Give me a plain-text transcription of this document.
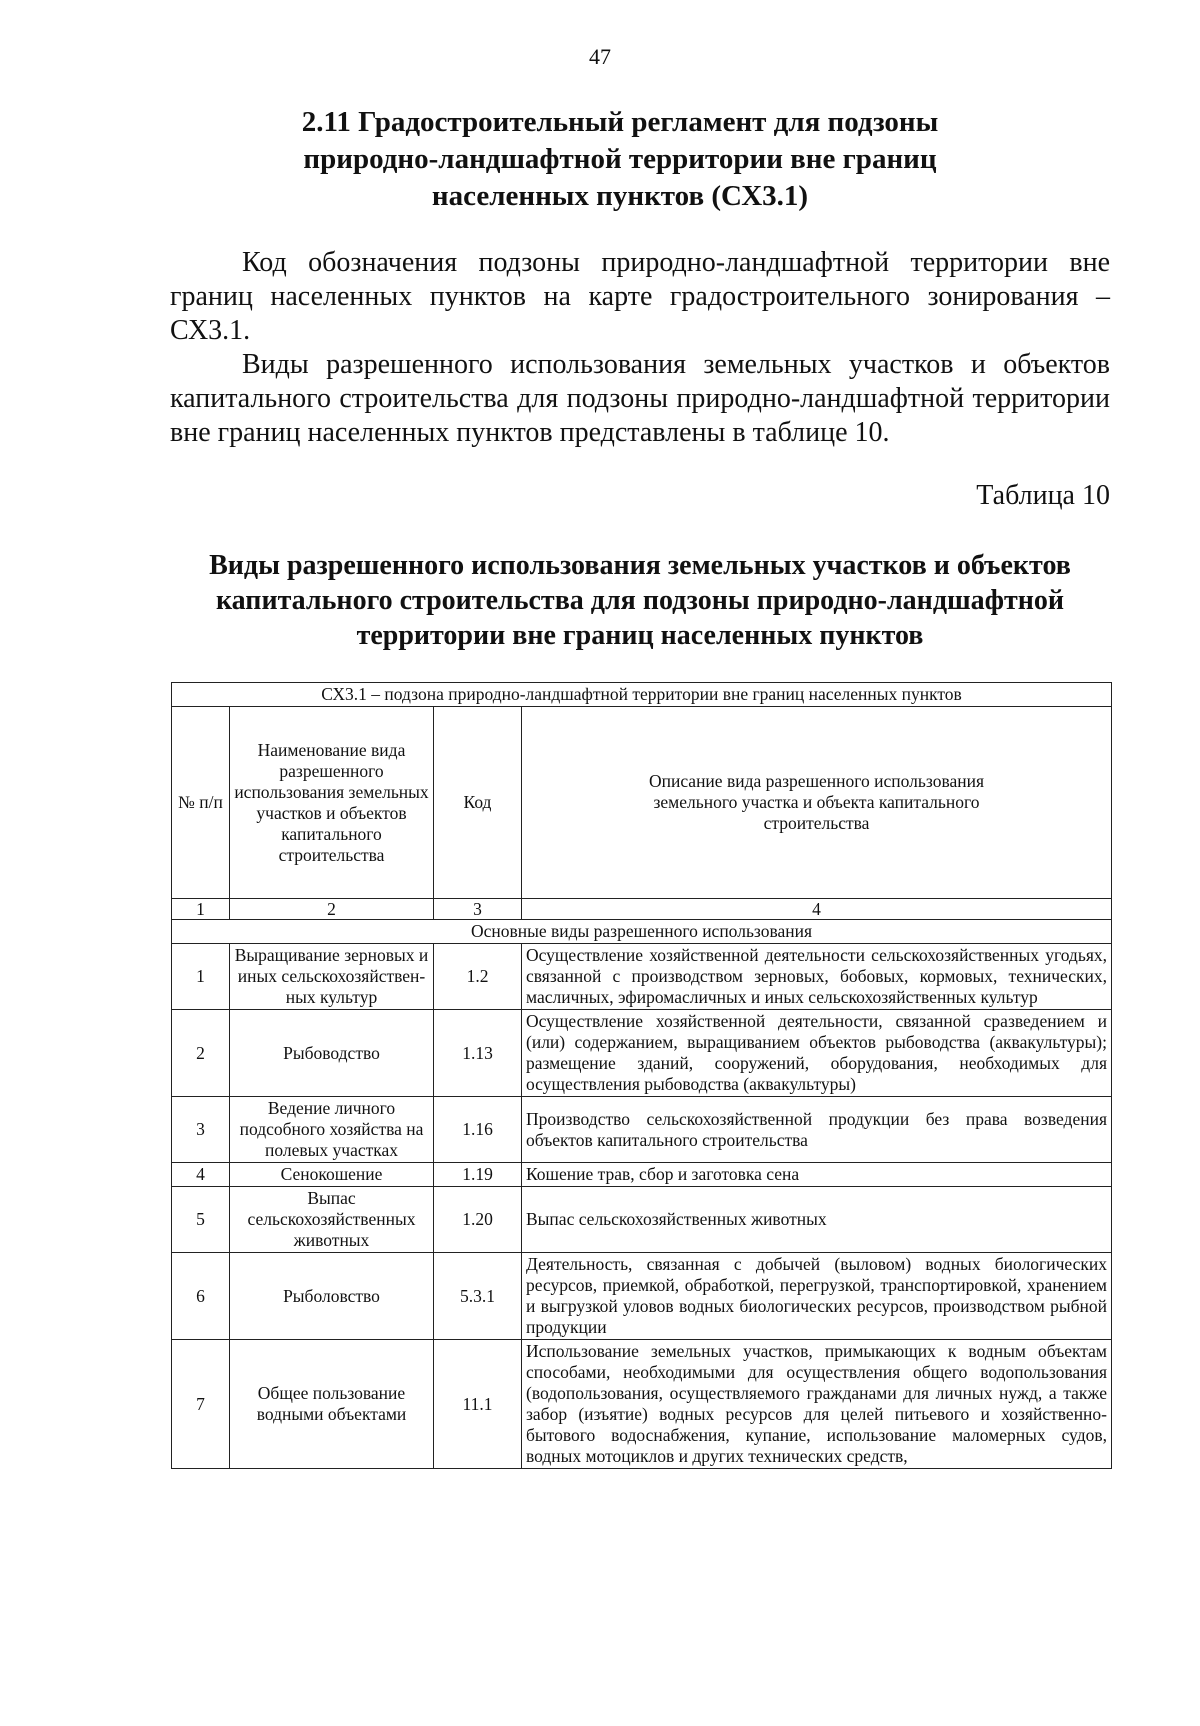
47
2.11 Градостроительный регламент для подзоны
природно-ландшафтной территории вне границ
населенных пунктов (СХ3.1)
Код обозначения подзоны природно-ландшафтной территории вне границ населенных пунктов на карте градостроительного зонирования – СХ3.1.
Виды разрешенного использования земельных участков и объектов капитального строительства для подзоны природно-ландшафтной территории вне границ населенных пунктов представлены в таблице 10.
Таблица 10
Виды разрешенного использования земельных участков и объектов
капитального строительства для подзоны природно-ландшафтной
территории вне границ населенных пунктов
СХ3.1 – подзона природно-ландшафтной территории вне границ населенных пунктов			
№ п/п	Наименование вида разрешенного использования земельных участков и объектов капитального строительства	Код	Описание вида разрешенного использования земельного участка и объекта капитального строительства
1	2	3	4
Основные виды разрешенного использования			
1	Выращивание зерновых и иных сельскохозяйствен-ных культур	1.2	Осуществление хозяйственной деятельности сельскохозяйственных угодьях, связанной с производством зерновых, бобовых, кормовых, технических, масличных, эфиромасличных и иных сельскохозяйственных культур
2	Рыбоводство	1.13	Осуществление хозяйственной деятельности, связанной сразведением и (или) содержанием, выращиванием объектов рыбоводства (аквакультуры); размещение зданий, сооружений, оборудования, необходимых для осуществления рыбоводства (аквакультуры)
3	Ведение личного подсобного хозяйства на полевых участках	1.16	Производство сельскохозяйственной продукции без права возведения объектов капитального строительства
4	Сенокошение	1.19	Кошение трав, сбор и заготовка сена
5	Выпас сельскохозяйственных животных	1.20	Выпас сельскохозяйственных животных
6	Рыболовство	5.3.1	Деятельность, связанная с добычей (выловом) водных биологических ресурсов, приемкой, обработкой, перегрузкой, транспортировкой, хранением и выгрузкой уловов водных биологических ресурсов, производством рыбной продукции
7	Общее пользование водными объектами	11.1	Использование земельных участков, примыкающих к водным объектам способами, необходимыми для осуществления общего водопользования (водопользования, осуществляемого гражданами для личных нужд, а также забор (изъятие) водных ресурсов для целей питьевого и хозяйственно-бытового водоснабжения, купание, использование маломерных судов, водных мотоциклов и других технических средств,
